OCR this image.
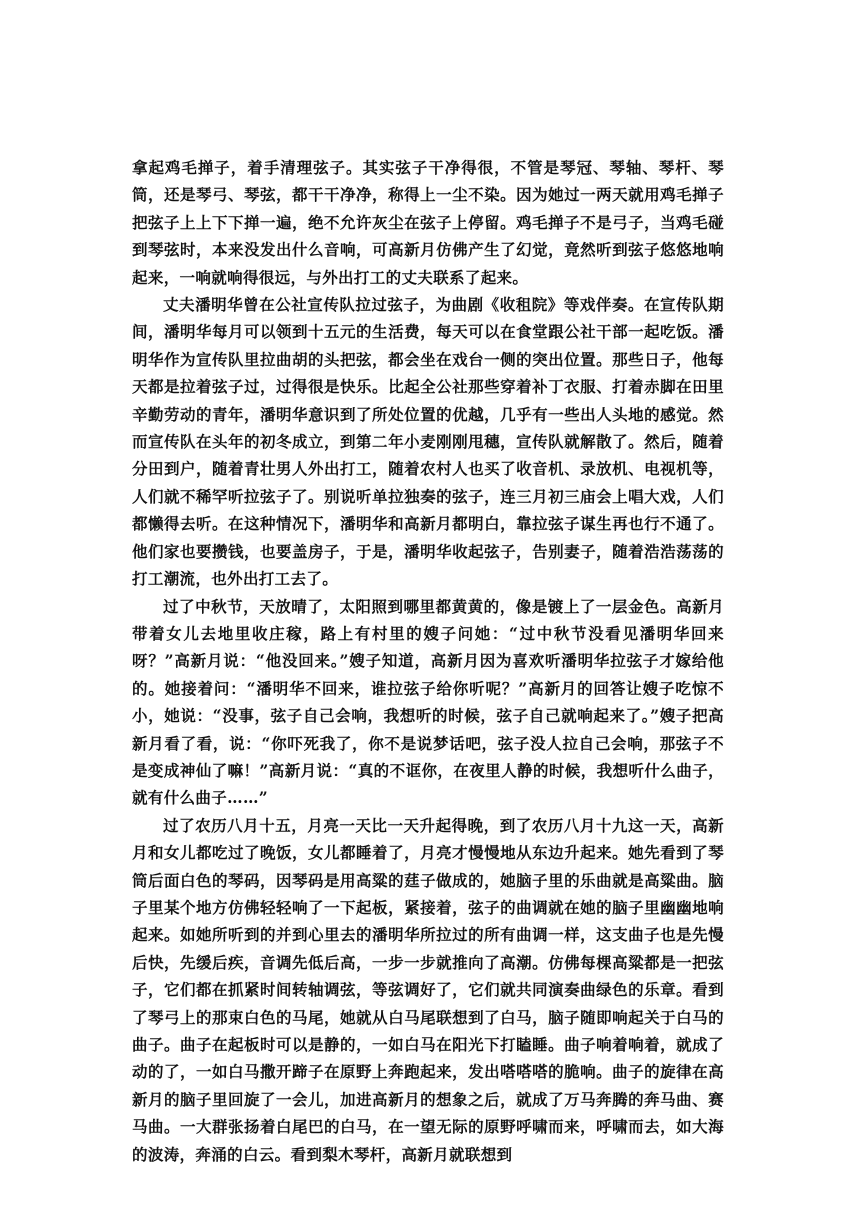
拿起鸡毛掸子，着手清理弦子。其实弦子干净得很，不管是琴冠、琴轴、琴杆、琴筒，还是琴弓、琴弦，都干干净净，称得上一尘不染。因为她过一两天就用鸡毛掸子把弦子上上下下掸一遍，绝不允许灰尘在弦子上停留。鸡毛掸子不是弓子，当鸡毛碰到琴弦时，本来没发出什么音响，可高新月仿佛产生了幻觉，竟然听到弦子悠悠地响起来，一响就响得很远，与外出打工的丈夫联系了起来。

丈夫潘明华曾在公社宣传队拉过弦子，为曲剧《收租院》等戏伴奏。在宣传队期间，潘明华每月可以领到十五元的生活费，每天可以在食堂跟公社干部一起吃饭。潘明华作为宣传队里拉曲胡的头把弦，都会坐在戏台一侧的突出位置。那些日子，他每天都是拉着弦子过，过得很是快乐。比起全公社那些穿着补丁衣服、打着赤脚在田里辛勤劳动的青年，潘明华意识到了所处位置的优越，几乎有一些出人头地的感觉。然而宣传队在头年的初冬成立，到第二年小麦刚刚甩穗，宣传队就解散了。然后，随着分田到户，随着青壮男人外出打工，随着农村人也买了收音机、录放机、电视机等，人们就不稀罕听拉弦子了。别说听单拉独奏的弦子，连三月初三庙会上唱大戏，人们都懒得去听。在这种情况下，潘明华和高新月都明白，靠拉弦子谋生再也行不通了。他们家也要攒钱，也要盖房子，于是，潘明华收起弦子，告别妻子，随着浩浩荡荡的打工潮流，也外出打工去了。

过了中秋节，天放晴了，太阳照到哪里都黄黄的，像是镀上了一层金色。高新月带着女儿去地里收庄稼，路上有村里的嫂子问她：“过中秋节没看见潘明华回来呀？”高新月说：“他没回来。”嫂子知道，高新月因为喜欢听潘明华拉弦子才嫁给他的。她接着问：“潘明华不回来，谁拉弦子给你听呢？”高新月的回答让嫂子吃惊不小，她说：“没事，弦子自己会响，我想听的时候，弦子自己就响起来了。”嫂子把高新月看了看，说：“你吓死我了，你不是说梦话吧，弦子没人拉自己会响，那弦子不是变成神仙了嘛！”高新月说：“真的不诓你，在夜里人静的时候，我想听什么曲子，就有什么曲子……”

过了农历八月十五，月亮一天比一天升起得晚，到了农历八月十九这一天，高新月和女儿都吃过了晚饭，女儿都睡着了，月亮才慢慢地从东边升起来。她先看到了琴筒后面白色的琴码，因琴码是用高粱的莛子做成的，她脑子里的乐曲就是高粱曲。脑子里某个地方仿佛轻轻响了一下起板，紧接着，弦子的曲调就在她的脑子里幽幽地响起来。如她所听到的并到心里去的潘明华所拉过的所有曲调一样，这支曲子也是先慢后快，先缓后疾，音调先低后高，一步一步就推向了高潮。仿佛每棵高粱都是一把弦子，它们都在抓紧时间转轴调弦，等弦调好了，它们就共同演奏曲绿色的乐章。看到了琴弓上的那束白色的马尾，她就从白马尾联想到了白马，脑子随即响起关于白马的曲子。曲子在起板时可以是静的，一如白马在阳光下打瞌睡。曲子响着响着，就成了动的了，一如白马撒开蹄子在原野上奔跑起来，发出嗒嗒嗒的脆响。曲子的旋律在高新月的脑子里回旋了一会儿，加进高新月的想象之后，就成了万马奔腾的奔马曲、赛马曲。一大群张扬着白尾巴的白马，在一望无际的原野呼啸而来，呼啸而去，如大海的波涛，奔涌的白云。看到梨木琴杆，高新月就联想到
